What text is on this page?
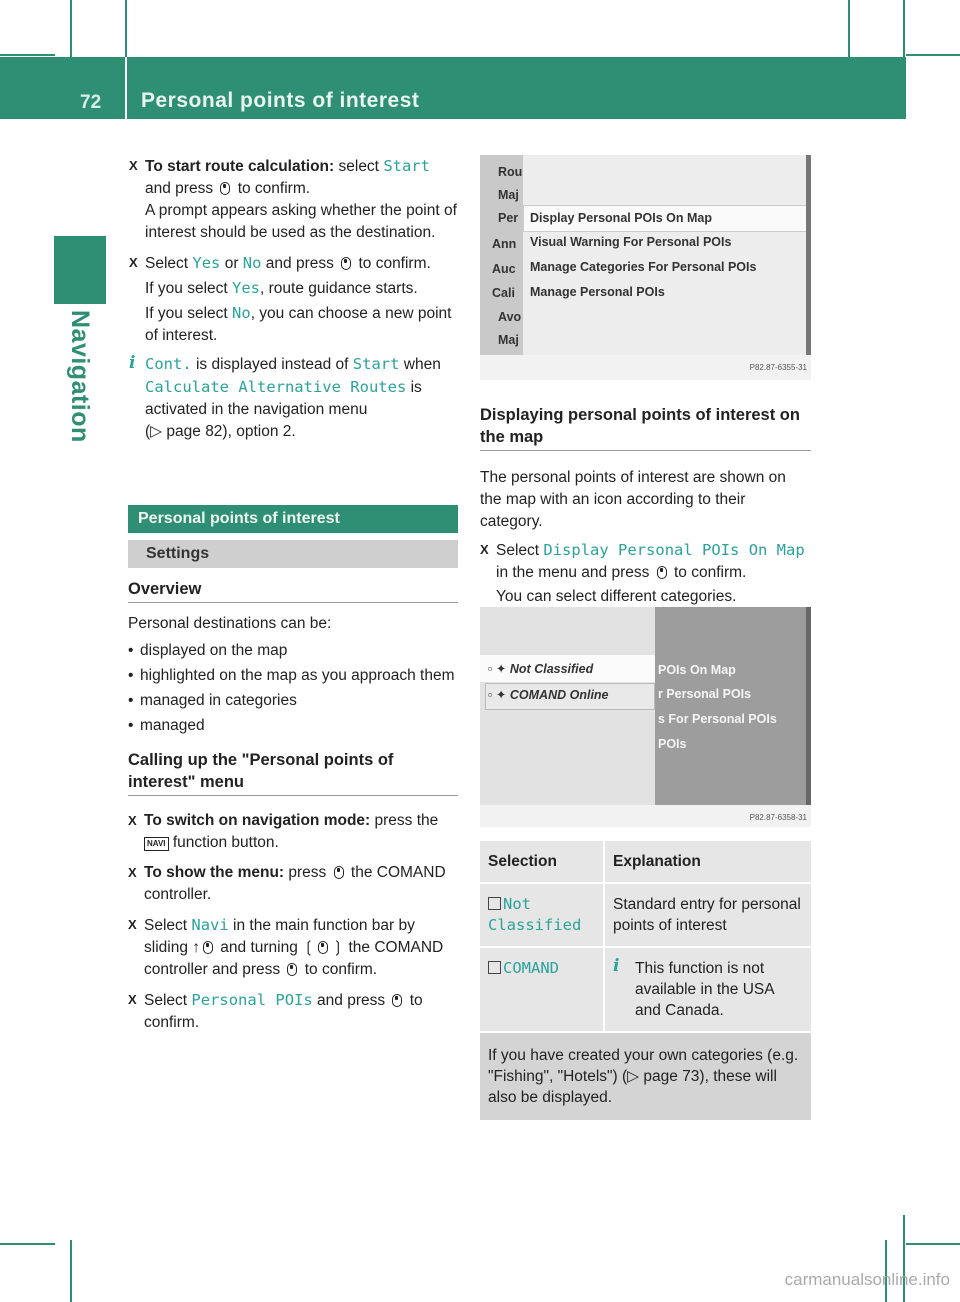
72 Personal points of interest
Navigation

X To start route calculation: select Start

and press  to confirm.

A prompt appears asking whether the point of interest should be used as the destination.

X Select Yes or No and press  to confirm.

If you select Yes, route guidance starts.

If you select No, you can choose a new point of interest.

i Cont. is displayed instead of Start when

Calculate Alternative Routes is activated in the navigation menu

(▷ page 82), option 2.

Personal points of interest
Settings
Overview

Personal destinations can be:

• displayed on the map

• highlighted on the map as you approach them

• managed in categories

• managed

Calling up the "Personal points of interest" menu

X To switch on navigation mode: press the NAVI function button.

X To show the menu: press  the COMAND controller.

X Select Navi in the main function bar by sliding ↑ and turning ❲ ❳ the COMAND controller and press  to confirm.

X Select Personal POIs and press  to confirm.

Rou
Maj
Per
Ann
Auc
Cali
Avo
Maj
Display Personal POIs On Map
Visual Warning For Personal POIs
Manage Categories For Personal POIs
Manage Personal POIs
P82.87-6355-31
Displaying personal points of interest on the map

The personal points of interest are shown on the map with an icon according to their category.

X Select Display Personal POIs On Map in the menu and press  to confirm.

You can select different categories.

▫ ✦ Not Classified
▫ ✦ COMAND Online
POIs On Map
r Personal POIs
s For Personal POIs
POIs
P82.87-6358-31
Selection	Explanation
Not Classified	Standard entry for personal points of interest
COMAND	i This function is not available in the USA and Canada.
If you have created your own categories (e.g. "Fishing", "Hotels") (▷ page 73), these will also be displayed.	
carmanualsonline.info
